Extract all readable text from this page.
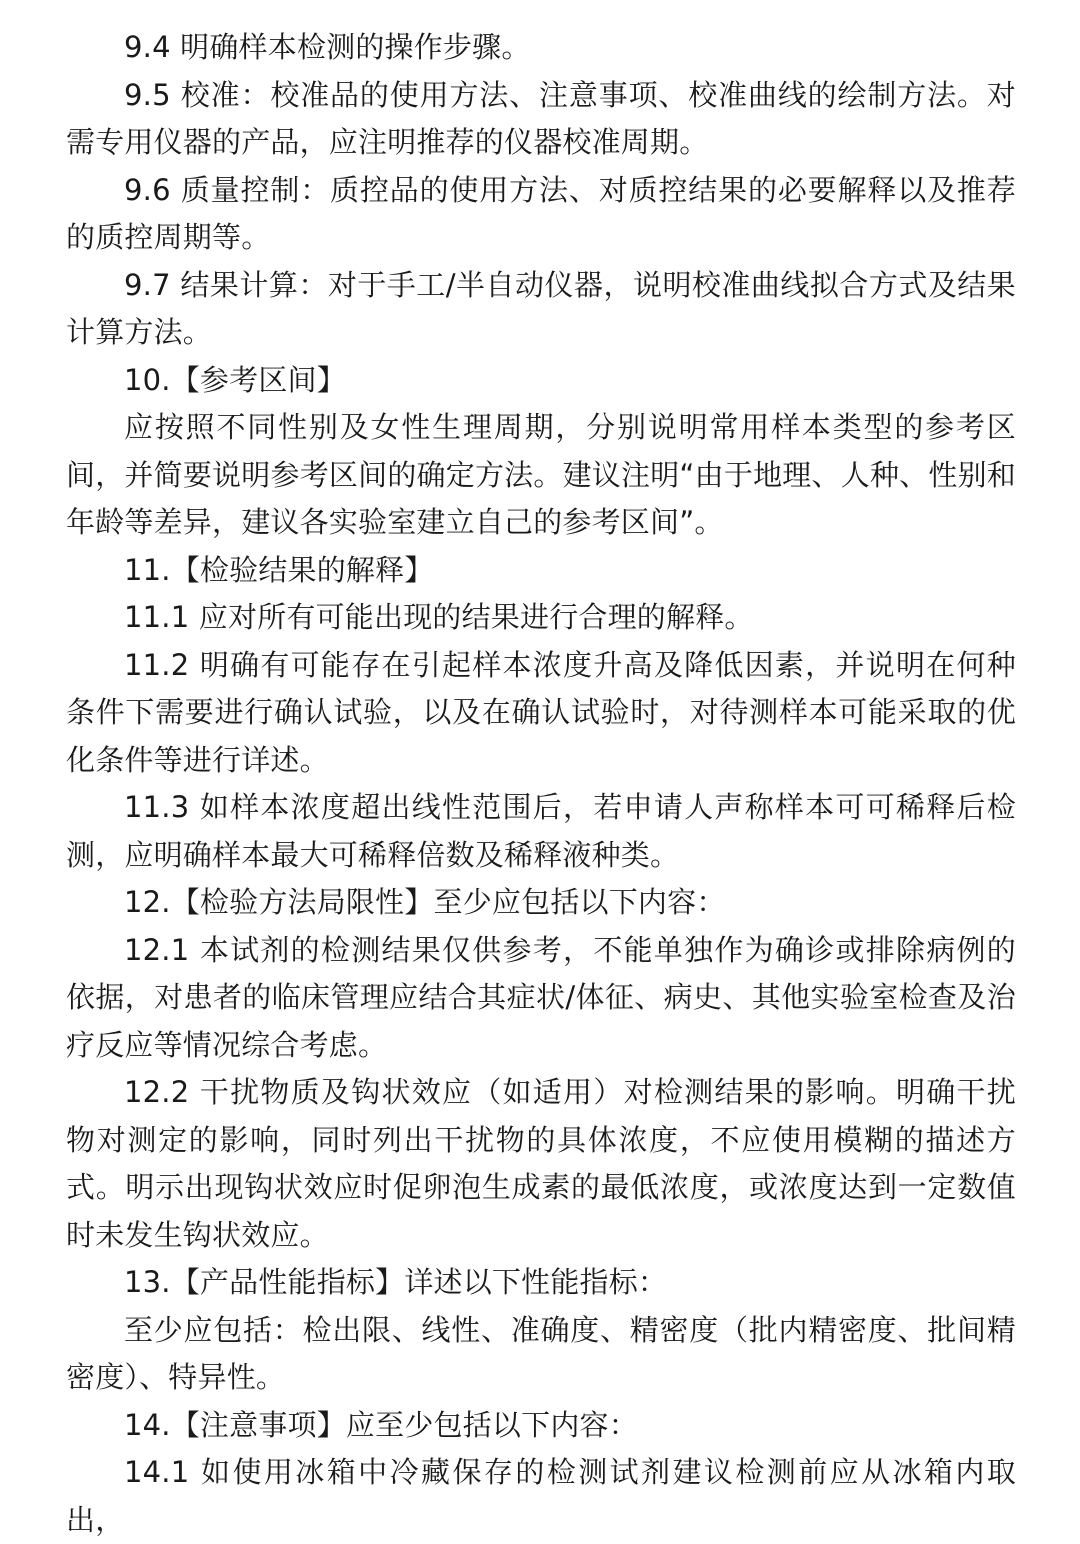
9.4 明确样本检测的操作步骤。

9.5 校准：校准品的使用方法、注意事项、校准曲线的绘制方法。对需专用仪器的产品，应注明推荐的仪器校准周期。

9.6 质量控制：质控品的使用方法、对质控结果的必要解释以及推荐的质控周期等。

9.7 结果计算：对于手工/半自动仪器，说明校准曲线拟合方式及结果计算方法。

10.【参考区间】

应按照不同性别及女性生理周期，分别说明常用样本类型的参考区间，并简要说明参考区间的确定方法。建议注明“由于地理、人种、性别和年龄等差异，建议各实验室建立自己的参考区间”。

11.【检验结果的解释】

11.1 应对所有可能出现的结果进行合理的解释。

11.2 明确有可能存在引起样本浓度升高及降低因素，并说明在何种条件下需要进行确认试验，以及在确认试验时，对待测样本可能采取的优化条件等进行详述。

11.3 如样本浓度超出线性范围后，若申请人声称样本可可稀释后检测，应明确样本最大可稀释倍数及稀释液种类。

12.【检验方法局限性】至少应包括以下内容：

12.1 本试剂的检测结果仅供参考，不能单独作为确诊或排除病例的依据，对患者的临床管理应结合其症状/体征、病史、其他实验室检查及治疗反应等情况综合考虑。

12.2 干扰物质及钩状效应（如适用）对检测结果的影响。明确干扰物对测定的影响，同时列出干扰物的具体浓度，不应使用模糊的描述方式。明示出现钩状效应时促卵泡生成素的最低浓度，或浓度达到一定数值时未发生钩状效应。

13.【产品性能指标】详述以下性能指标：

至少应包括：检出限、线性、准确度、精密度（批内精密度、批间精密度）、特异性。

14.【注意事项】应至少包括以下内容：

14.1 如使用冰箱中冷藏保存的检测试剂建议检测前应从冰箱内取出，
